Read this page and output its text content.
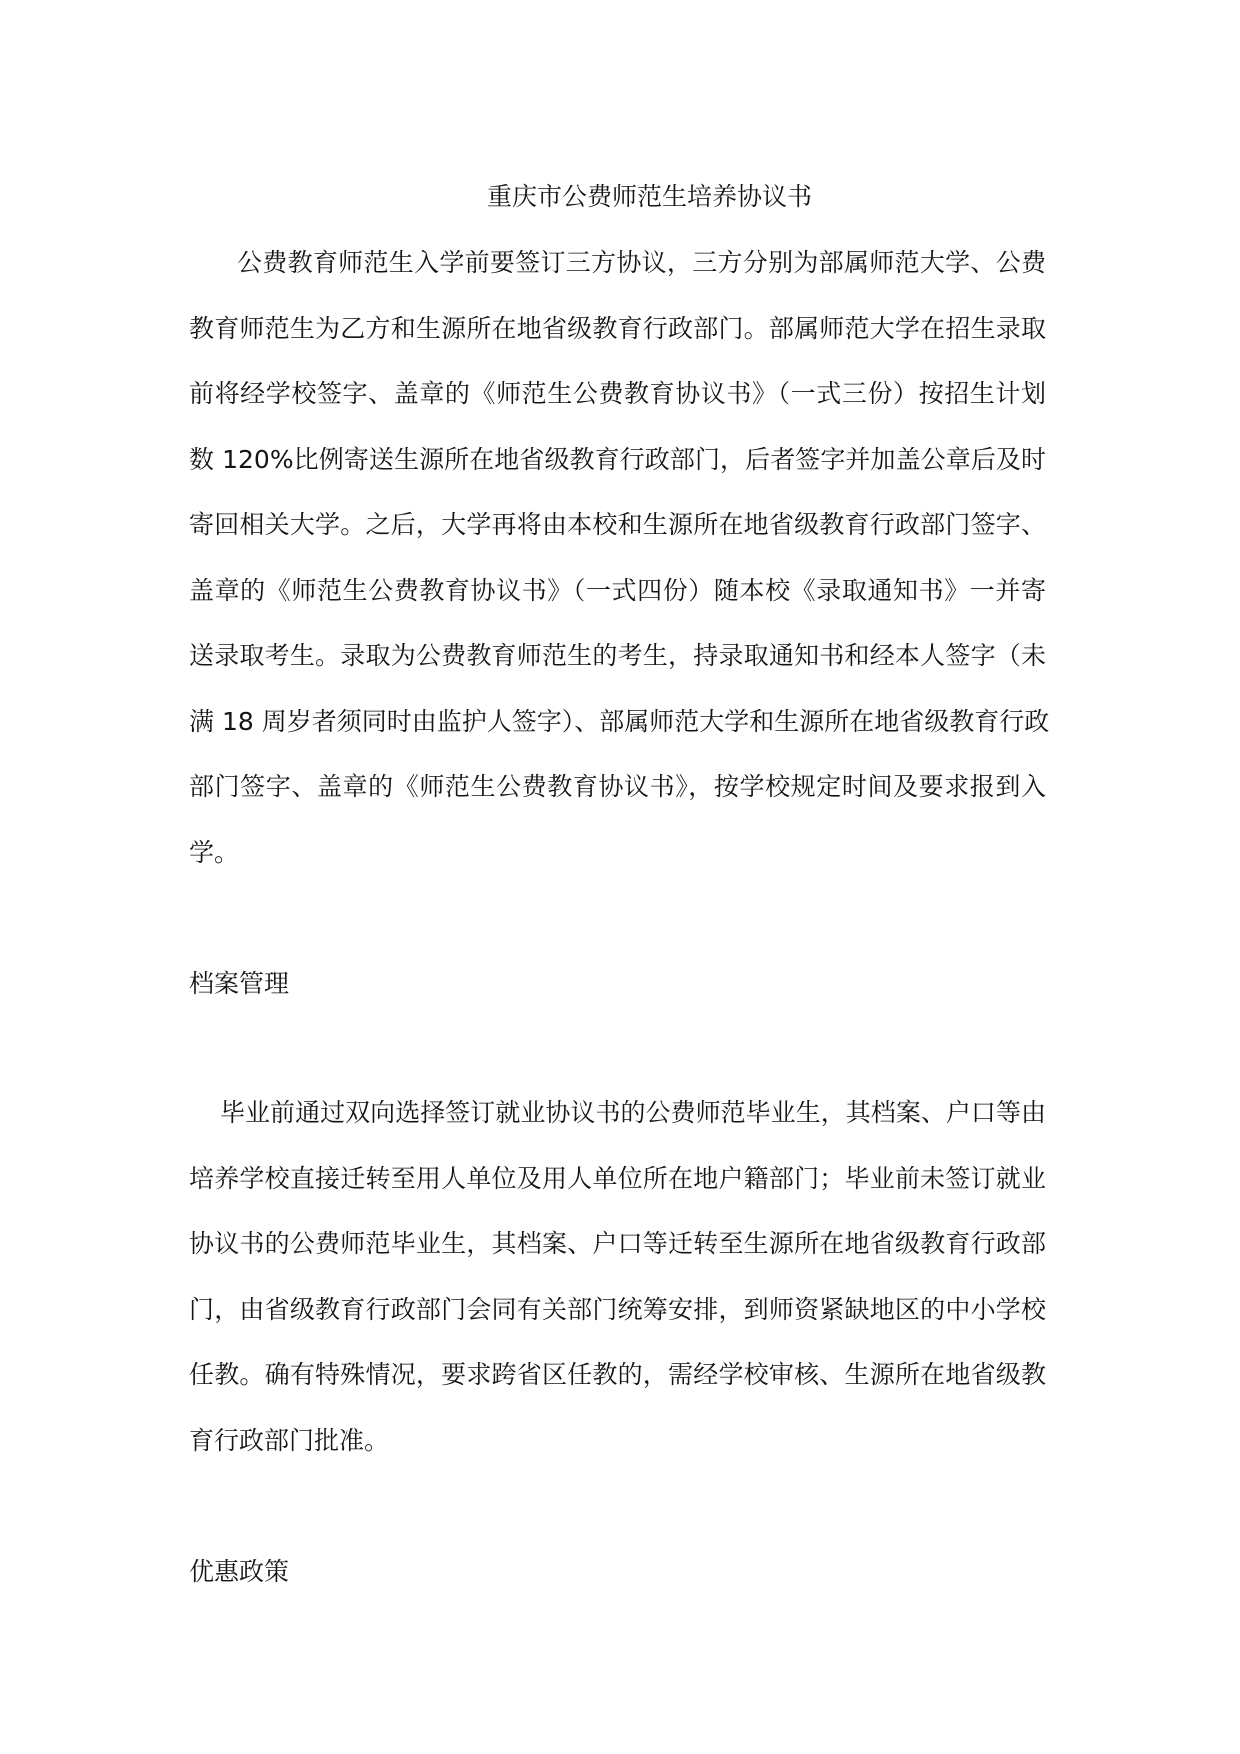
重庆市公费师范生培养协议书
公费教育师范生入学前要签订三方协议，三方分别为部属师范大学、公费
教育师范生为乙方和生源所在地省级教育行政部门。部属师范大学在招生录取
前将经学校签字、盖章的《师范生公费教育协议书》（一式三份）按招生计划
数 120%比例寄送生源所在地省级教育行政部门，后者签字并加盖公章后及时
寄回相关大学。之后，大学再将由本校和生源所在地省级教育行政部门签字、
盖章的《师范生公费教育协议书》（一式四份）随本校《录取通知书》一并寄
送录取考生。录取为公费教育师范生的考生，持录取通知书和经本人签字（未
满 18 周岁者须同时由监护人签字）、部属师范大学和生源所在地省级教育行政
部门签字、盖章的《师范生公费教育协议书》，按学校规定时间及要求报到入
学。
档案管理
毕业前通过双向选择签订就业协议书的公费师范毕业生，其档案、户口等由
培养学校直接迁转至用人单位及用人单位所在地户籍部门；毕业前未签订就业
协议书的公费师范毕业生，其档案、户口等迁转至生源所在地省级教育行政部
门，由省级教育行政部门会同有关部门统筹安排，到师资紧缺地区的中小学校
任教。确有特殊情况，要求跨省区任教的，需经学校审核、生源所在地省级教
育行政部门批准。
优惠政策
